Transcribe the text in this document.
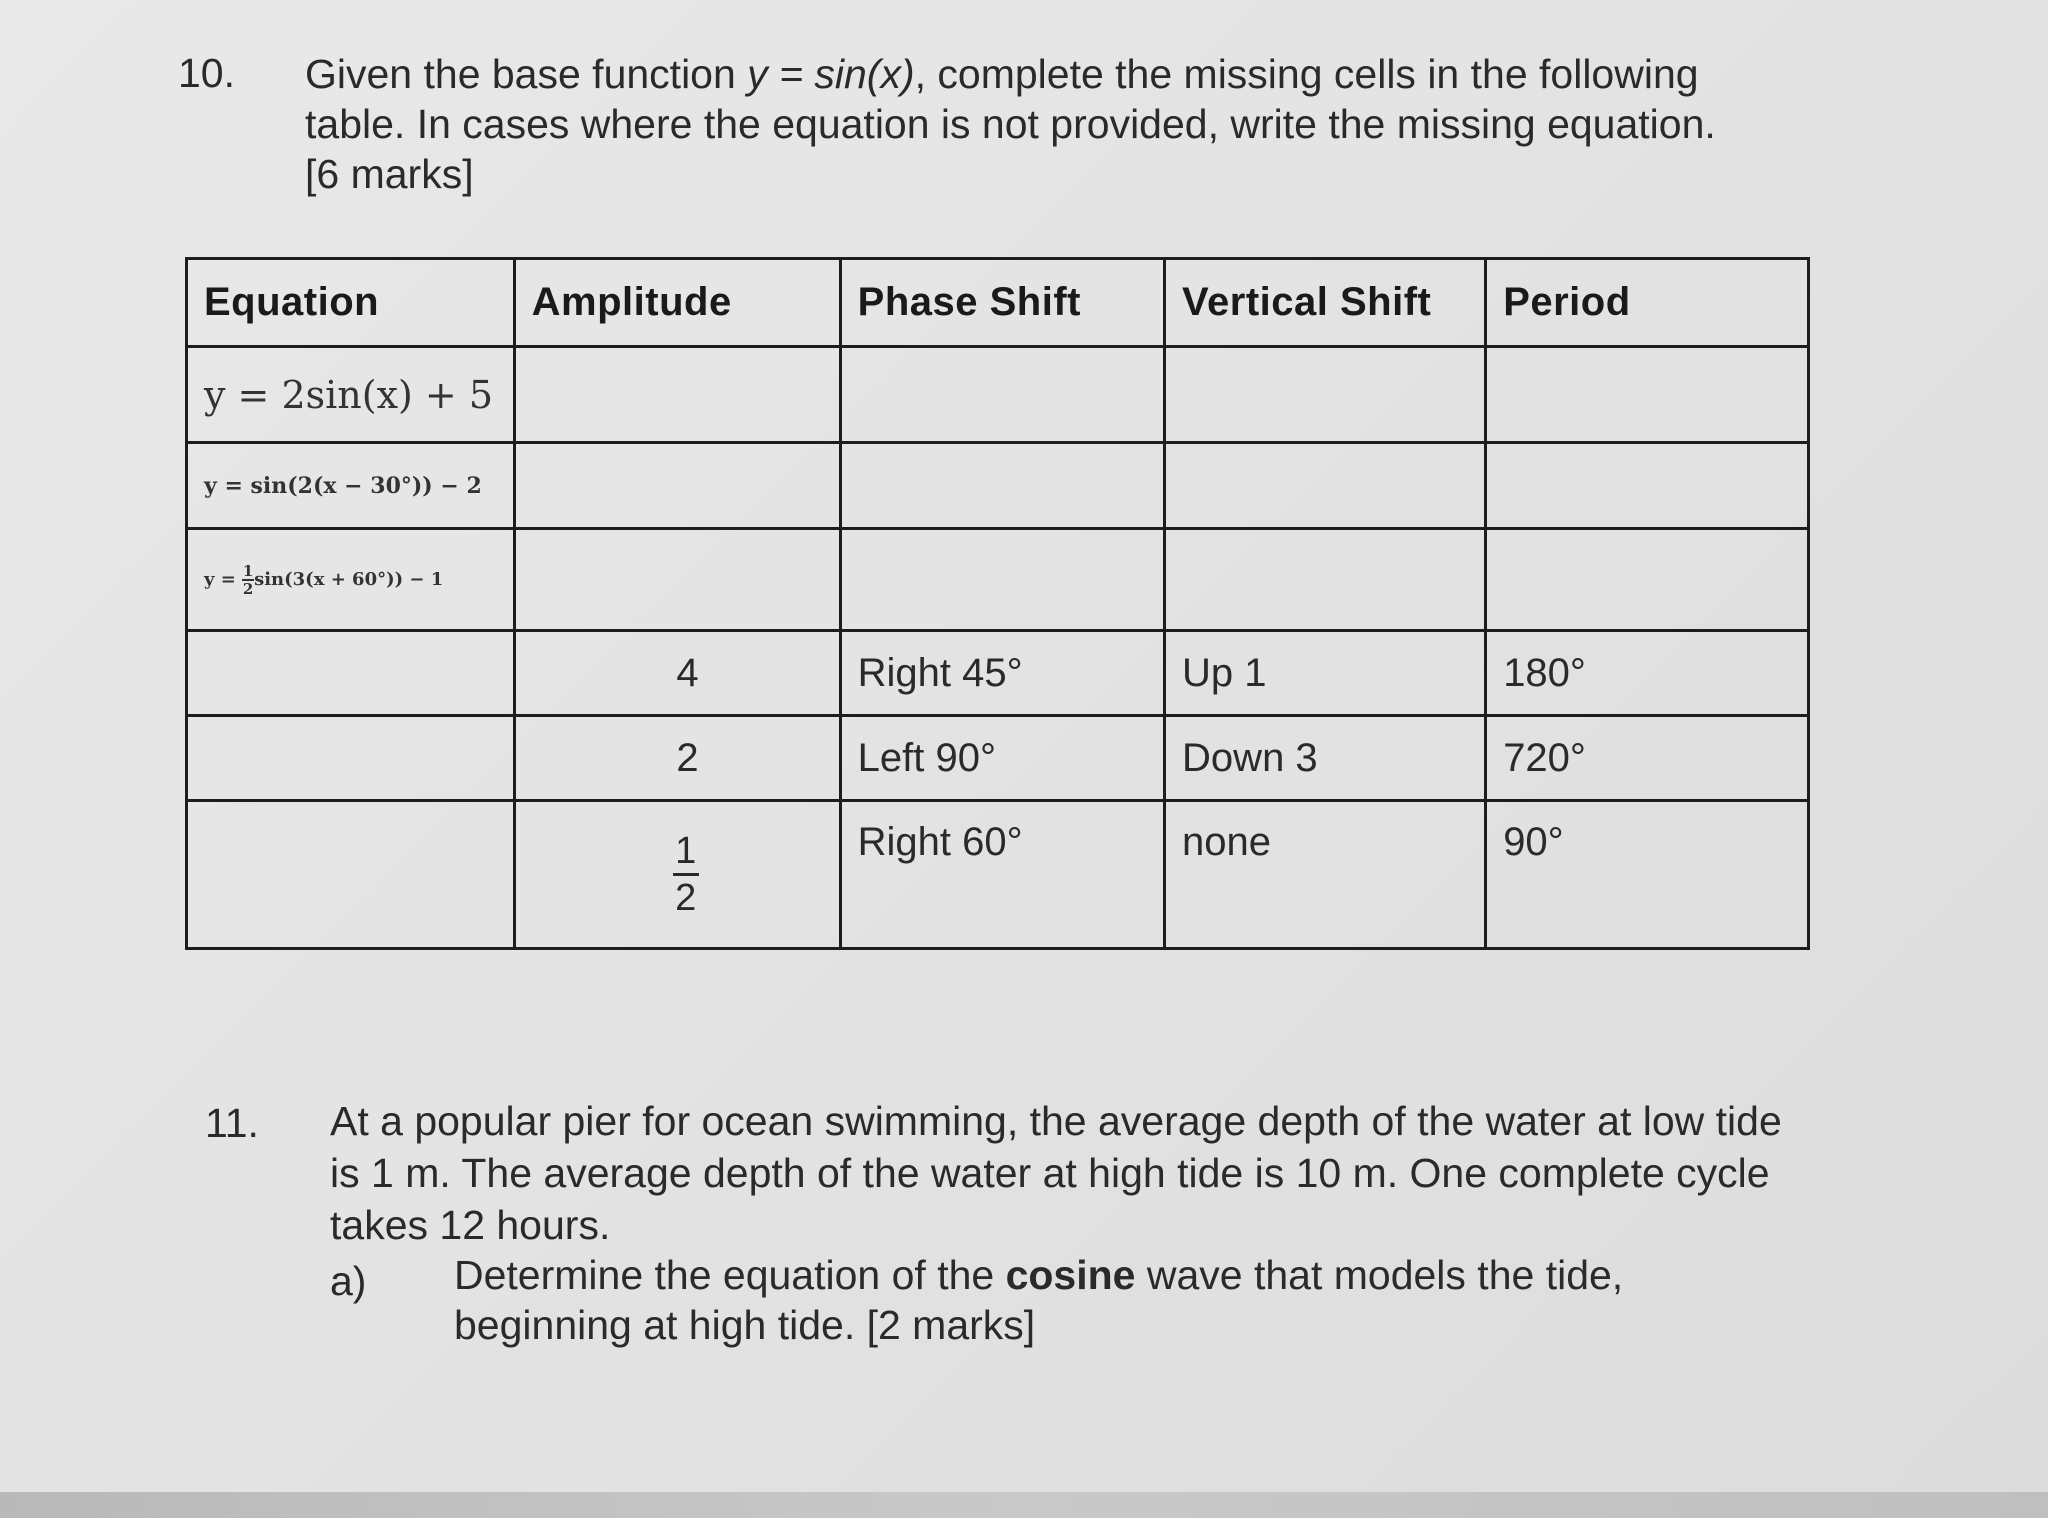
10. Given the base function y = sin(x), complete the missing cells in the following

table. In cases where the equation is not provided, write the missing equation.

[6 marks]

Equation	Amplitude	Phase Shift	Vertical Shift	Period
y = 2sin(x) + 5				
y = sin(2(x − 30°)) − 2				
$y = \frac{1}{2} \sin(3(x + 60^\circ)) - 1$				
	4	Right 45°	Up 1	180°
	2	Left 90°	Down 3	720°

	$\frac{1}{2}$	Right 60°	none	90°
11. At a popular pier for ocean swimming, the average depth of the water at low tide

is 1 m. The average depth of the water at high tide is 10 m. One complete cycle

takes 12 hours.

a) Determine the equation of the cosine wave that models the tide,

beginning at high tide. [2 marks]
